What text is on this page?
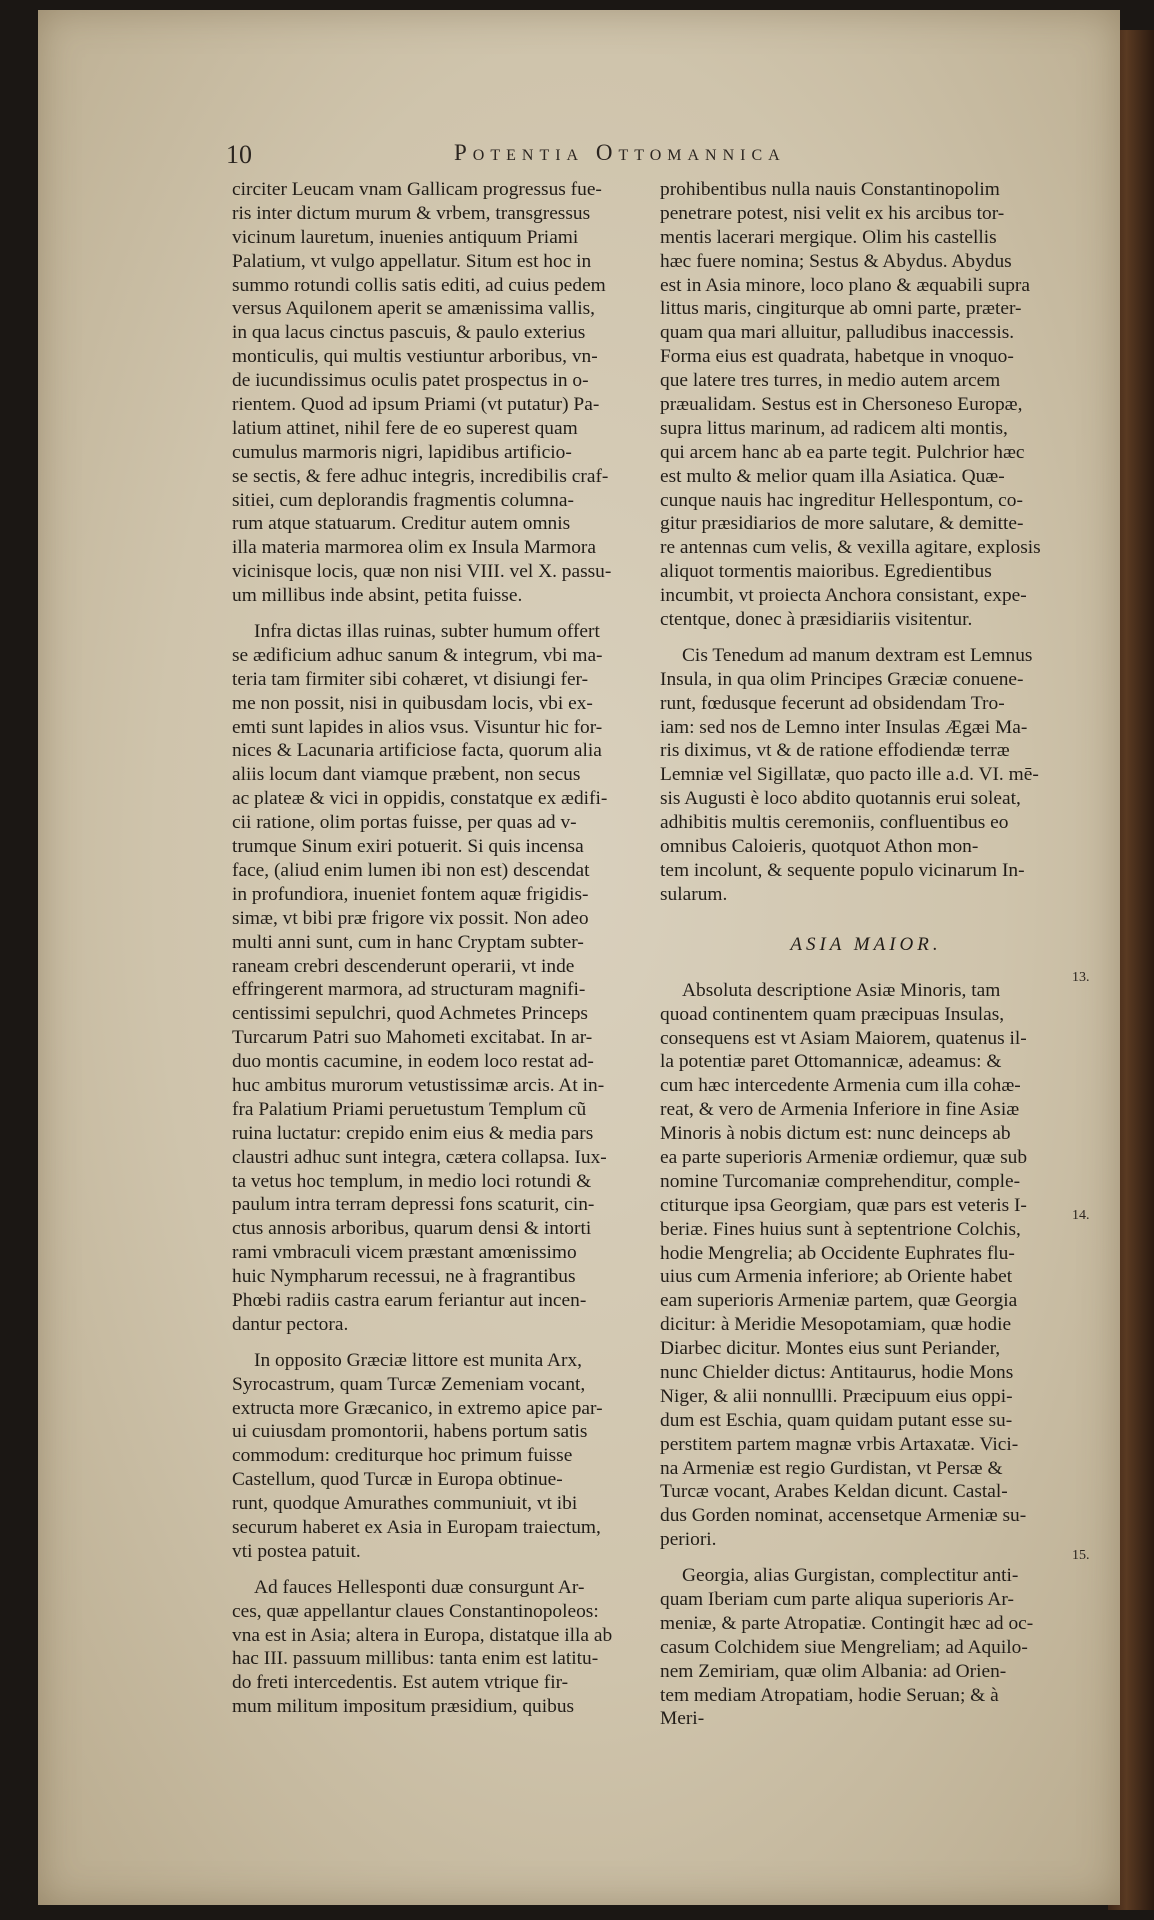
10	Potentia Ottomannica
circiter Leucam vnam Gallicam progressus fue-
ris inter dictum murum & vrbem, transgressus
vicinum lauretum, inuenies antiquum Priami
Palatium, vt vulgo appellatur. Situm est hoc in
summo rotundi collis satis editi, ad cuius pedem
versus Aquilonem aperit se amænissima vallis,
in qua lacus cinctus pascuis, & paulo exterius
monticulis, qui multis vestiuntur arboribus, vn-
de iucundissimus oculis patet prospectus in o-
rientem. Quod ad ipsum Priami (vt putatur) Pa-
latium attinet, nihil fere de eo superest quam
cumulus marmoris nigri, lapidibus artificio-
se sectis, & fere adhuc integris, incredibilis craf-
sitiei, cum deplorandis fragmentis columna-
rum atque statuarum. Creditur autem omnis
illa materia marmorea olim ex Insula Marmora
vicinisque locis, quæ non nisi VIII. vel X. passu-
um millibus inde absint, petita fuisse.
Infra dictas illas ruinas, subter humum offert
se ædificium adhuc sanum & integrum, vbi ma-
teria tam firmiter sibi cohæret, vt disiungi fer-
me non possit, nisi in quibusdam locis, vbi ex-
emti sunt lapides in alios vsus. Visuntur hic for-
nices & Lacunaria artificiose facta, quorum alia
aliis locum dant viamque præbent, non secus
ac plateæ & vici in oppidis, constatque ex ædifi-
cii ratione, olim portas fuisse, per quas ad v-
trumque Sinum exiri potuerit. Si quis incensa
face, (aliud enim lumen ibi non est) descendat
in profundiora, inueniet fontem aquæ frigidis-
simæ, vt bibi præ frigore vix possit. Non adeo
multi anni sunt, cum in hanc Cryptam subter-
raneam crebri descenderunt operarii, vt inde
effringerent marmora, ad structuram magnifi-
centissimi sepulchri, quod Achmetes Princeps
Turcarum Patri suo Mahometi excitabat. In ar-
duo montis cacumine, in eodem loco restat ad-
huc ambitus murorum vetustissimæ arcis. At in-
fra Palatium Priami peruetustum Templum cũ
ruina luctatur: crepido enim eius & media pars
claustri adhuc sunt integra, cætera collapsa. Iux-
ta vetus hoc templum, in medio loci rotundi &
paulum intra terram depressi fons scaturit, cin-
ctus annosis arboribus, quarum densi & intorti
rami vmbraculi vicem præstant amœnissimo
huic Nympharum recessui, ne à fragrantibus
Phœbi radiis castra earum feriantur aut incen-
dantur pectora.
In opposito Græciæ littore est munita Arx,
Syrocastrum, quam Turcæ Zemeniam vocant,
extructa more Græcanico, in extremo apice par-
ui cuiusdam promontorii, habens portum satis
commodum: crediturque hoc primum fuisse
Castellum, quod Turcæ in Europa obtinue-
runt, quodque Amurathes communiuit, vt ibi
securum haberet ex Asia in Europam traiectum,
vti postea patuit.
Ad fauces Hellesponti duæ consurgunt Ar-
ces, quæ appellantur claues Constantinopoleos:
vna est in Asia; altera in Europa, distatque illa ab
hac III. passuum millibus: tanta enim est latitu-
do freti intercedentis. Est autem vtrique fir-
mum militum impositum præsidium, quibus
prohibentibus nulla nauis Constantinopolim
penetrare potest, nisi velit ex his arcibus tor-
mentis lacerari mergique. Olim his castellis
hæc fuere nomina; Sestus & Abydus. Abydus
est in Asia minore, loco plano & æquabili supra
littus maris, cingiturque ab omni parte, præter-
quam qua mari alluitur, palludibus inaccessis.
Forma eius est quadrata, habetque in vnoquo-
que latere tres turres, in medio autem arcem
præualidam. Sestus est in Chersoneso Europæ,
supra littus marinum, ad radicem alti montis,
qui arcem hanc ab ea parte tegit. Pulchrior hæc
est multo & melior quam illa Asiatica. Quæ-
cunque nauis hac ingreditur Hellespontum, co-
gitur præsidiarios de more salutare, & demitte-
re antennas cum velis, & vexilla agitare, explosis
aliquot tormentis maioribus. Egredientibus
incumbit, vt proiecta Anchora consistant, expe-
ctentque, donec à præsidiariis visitentur.
Cis Tenedum ad manum dextram est Lemnus
Insula, in qua olim Principes Græciæ conuene-
runt, fœdusque fecerunt ad obsidendam Tro-
iam: sed nos de Lemno inter Insulas Ægæi Ma-
ris diximus, vt & de ratione effodiendæ terræ
Lemniæ vel Sigillatæ, quo pacto ille a.d. VI. mē-
sis Augusti è loco abdito quotannis erui soleat,
adhibitis multis ceremoniis, confluentibus eo
omnibus Caloieris, quotquot Athon mon-
tem incolunt, & sequente populo vicinarum In-
sularum.
ASIA MAIOR.
Absoluta descriptione Asiæ Minoris, tam
quoad continentem quam præcipuas Insulas,
consequens est vt Asiam Maiorem, quatenus il-
la potentiæ paret Ottomannicæ, adeamus: &
cum hæc intercedente Armenia cum illa cohæ-
reat, & vero de Armenia Inferiore in fine Asiæ
Minoris à nobis dictum est: nunc deinceps ab
ea parte superioris Armeniæ ordiemur, quæ sub
nomine Turcomaniæ comprehenditur, comple-
ctiturque ipsa Georgiam, quæ pars est veteris I-
beriæ. Fines huius sunt à septentrione Colchis,
hodie Mengrelia; ab Occidente Euphrates flu-
uius cum Armenia inferiore; ab Oriente habet
eam superioris Armeniæ partem, quæ Georgia
dicitur: à Meridie Mesopotamiam, quæ hodie
Diarbec dicitur. Montes eius sunt Periander,
nunc Chielder dictus: Antitaurus, hodie Mons
Niger, & alii nonnullli. Præcipuum eius oppi-
dum est Eschia, quam quidam putant esse su-
perstitem partem magnæ vrbis Artaxatæ. Vici-
na Armeniæ est regio Gurdistan, vt Persæ &
Turcæ vocant, Arabes Keldan dicunt. Castal-
dus Gorden nominat, accensetque Armeniæ su-
periori.
Georgia, alias Gurgistan, complectitur anti-
quam Iberiam cum parte aliqua superioris Ar-
meniæ, & parte Atropatiæ. Contingit hæc ad oc-
casum Colchidem siue Mengreliam; ad Aquilo-
nem Zemiriam, quæ olim Albania: ad Orien-
tem mediam Atropatiam, hodie Seruan; & à
Meri-
13.
14.
15.
